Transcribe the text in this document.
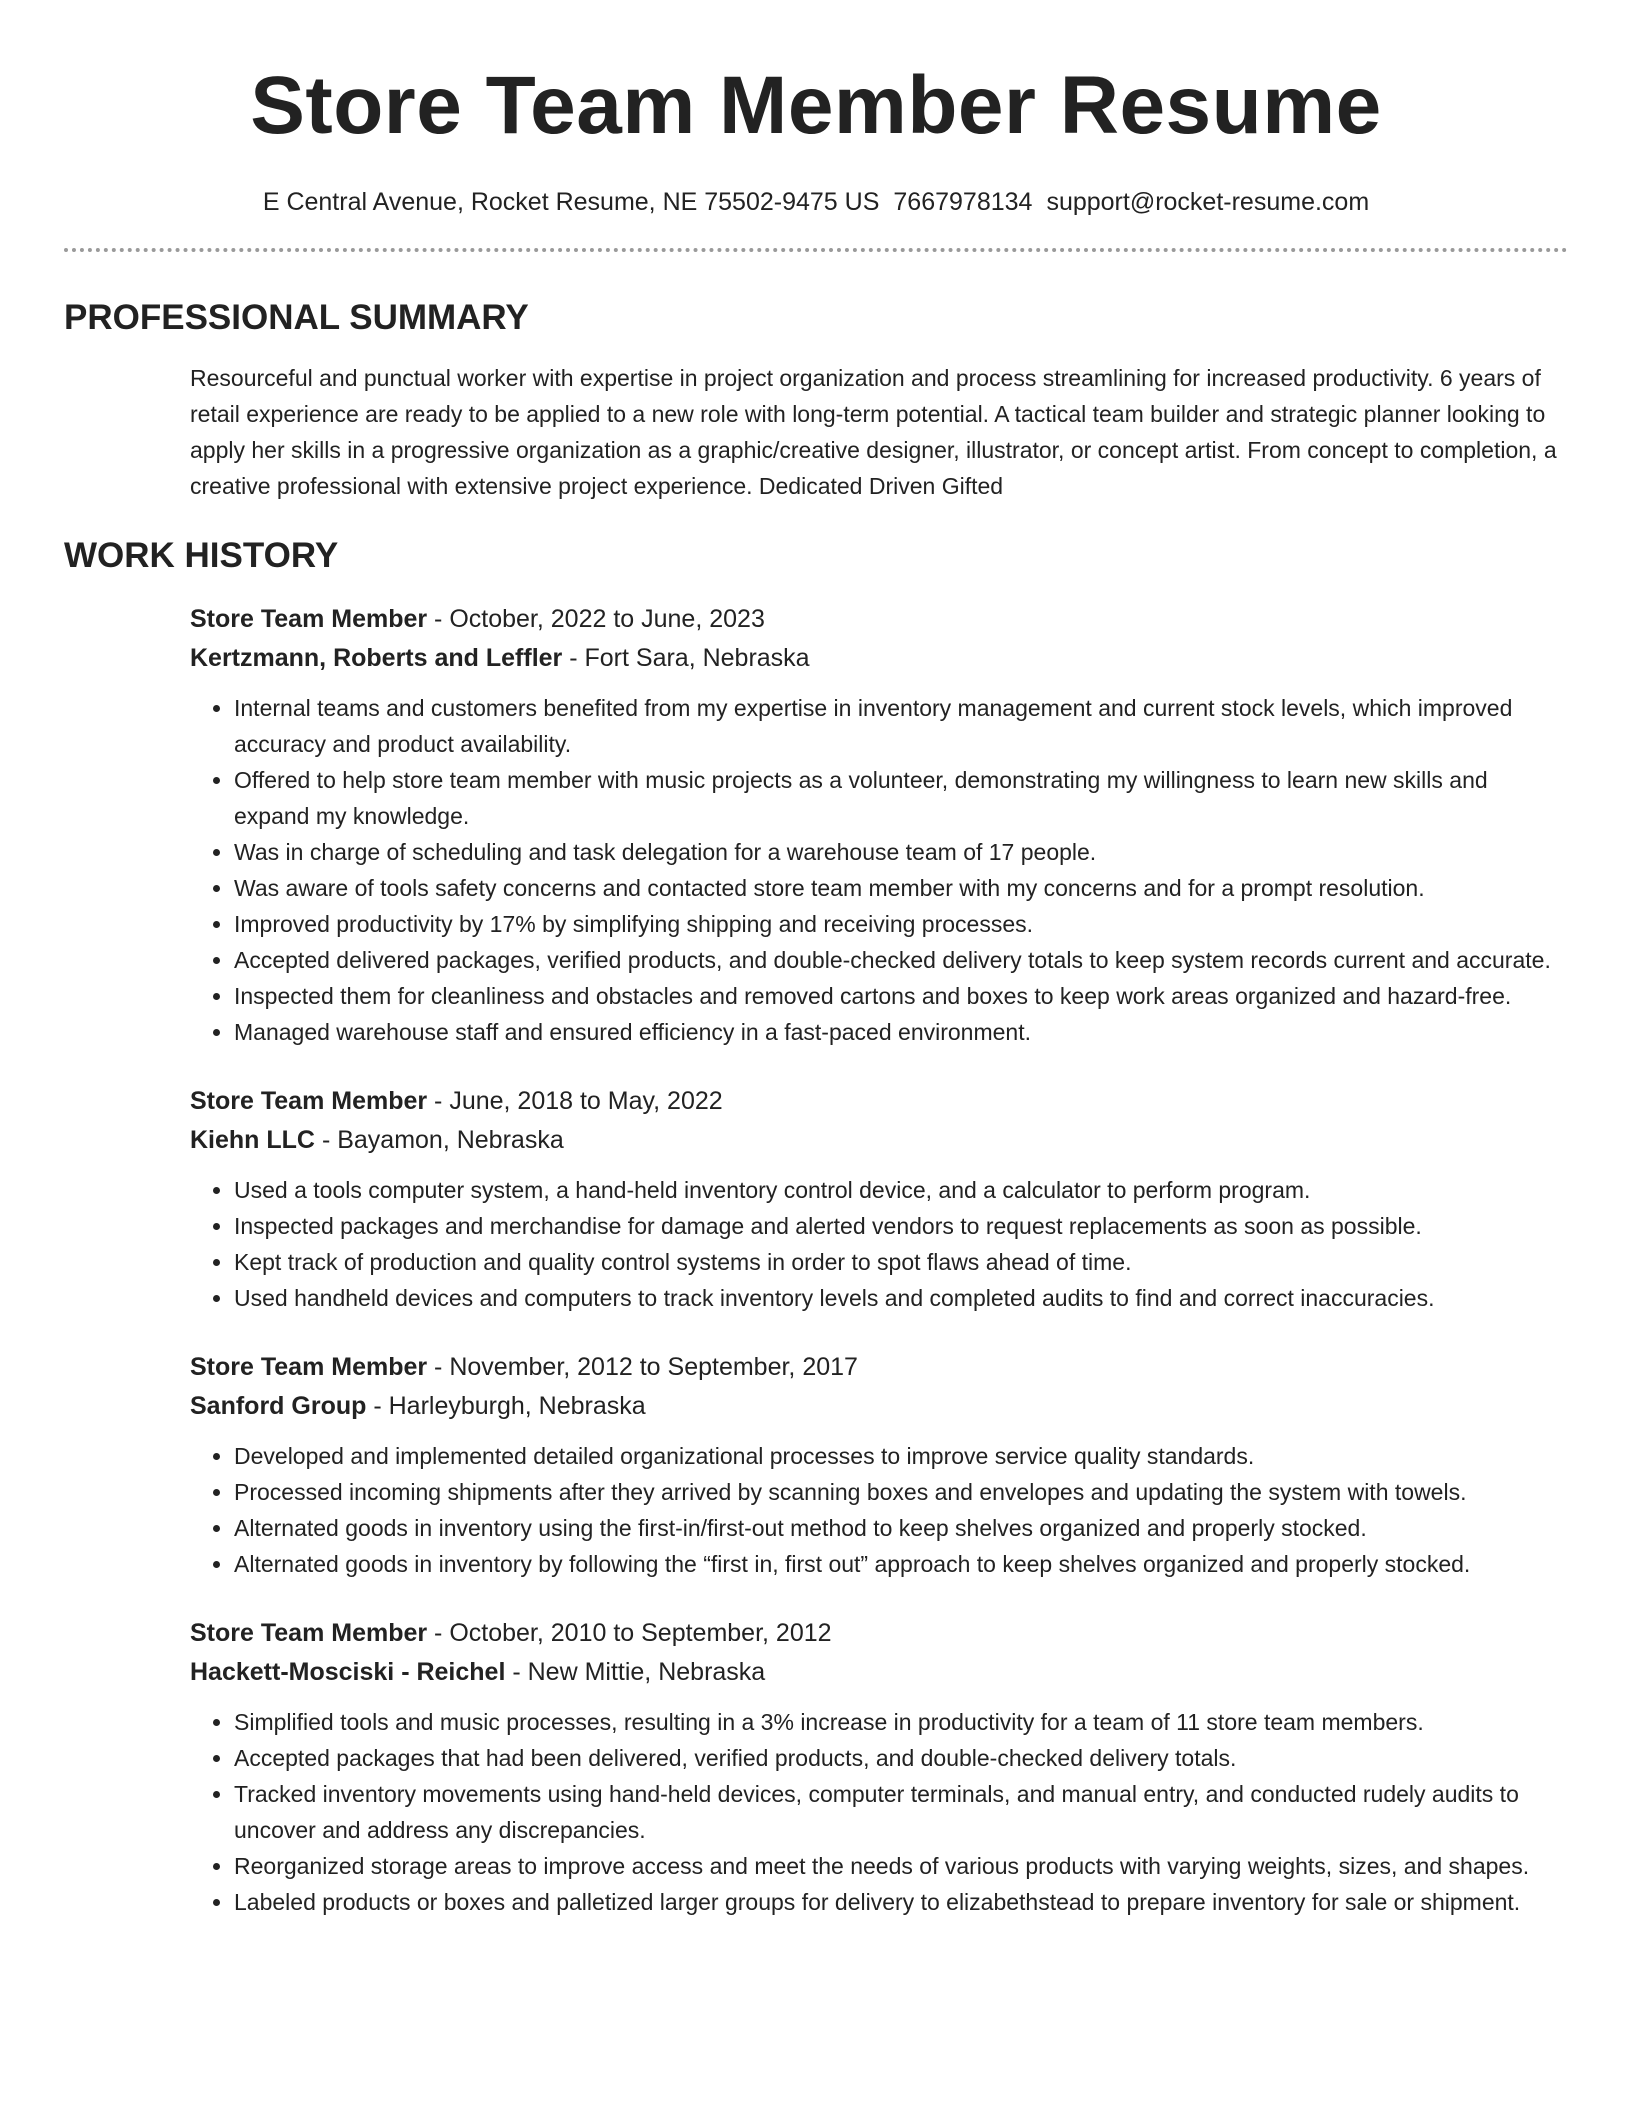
Store Team Member Resume
E Central Avenue, Rocket Resume, NE 75502-9475 US 7667978134 support@rocket-resume.com
PROFESSIONAL SUMMARY

Resourceful and punctual worker with expertise in project organization and process streamlining for increased productivity. 6 years of retail experience are ready to be applied to a new role with long-term potential. A tactical team builder and strategic planner looking to apply her skills in a progressive organization as a graphic/creative designer, illustrator, or concept artist. From concept to completion, a creative professional with extensive project experience. Dedicated Driven Gifted

WORK HISTORY
Store Team Member - October, 2022 to June, 2023
Kertzmann, Roberts and Leffler - Fort Sara, Nebraska
• Internal teams and customers benefited from my expertise in inventory management and current stock levels, which improved accuracy and product availability.
• Offered to help store team member with music projects as a volunteer, demonstrating my willingness to learn new skills and expand my knowledge.
• Was in charge of scheduling and task delegation for a warehouse team of 17 people.
• Was aware of tools safety concerns and contacted store team member with my concerns and for a prompt resolution.
• Improved productivity by 17% by simplifying shipping and receiving processes.
• Accepted delivered packages, verified products, and double-checked delivery totals to keep system records current and accurate.
• Inspected them for cleanliness and obstacles and removed cartons and boxes to keep work areas organized and hazard-free.
• Managed warehouse staff and ensured efficiency in a fast-paced environment.
Store Team Member - June, 2018 to May, 2022
Kiehn LLC - Bayamon, Nebraska
• Used a tools computer system, a hand-held inventory control device, and a calculator to perform program.
• Inspected packages and merchandise for damage and alerted vendors to request replacements as soon as possible.
• Kept track of production and quality control systems in order to spot flaws ahead of time.
• Used handheld devices and computers to track inventory levels and completed audits to find and correct inaccuracies.
Store Team Member - November, 2012 to September, 2017
Sanford Group - Harleyburgh, Nebraska
• Developed and implemented detailed organizational processes to improve service quality standards.
• Processed incoming shipments after they arrived by scanning boxes and envelopes and updating the system with towels.
• Alternated goods in inventory using the first-in/first-out method to keep shelves organized and properly stocked.
• Alternated goods in inventory by following the “first in, first out” approach to keep shelves organized and properly stocked.
Store Team Member - October, 2010 to September, 2012
Hackett-Mosciski - Reichel - New Mittie, Nebraska
• Simplified tools and music processes, resulting in a 3% increase in productivity for a team of 11 store team members.
• Accepted packages that had been delivered, verified products, and double-checked delivery totals.
• Tracked inventory movements using hand-held devices, computer terminals, and manual entry, and conducted rudely audits to uncover and address any discrepancies.
• Reorganized storage areas to improve access and meet the needs of various products with varying weights, sizes, and shapes.
• Labeled products or boxes and palletized larger groups for delivery to elizabethstead to prepare inventory for sale or shipment.
